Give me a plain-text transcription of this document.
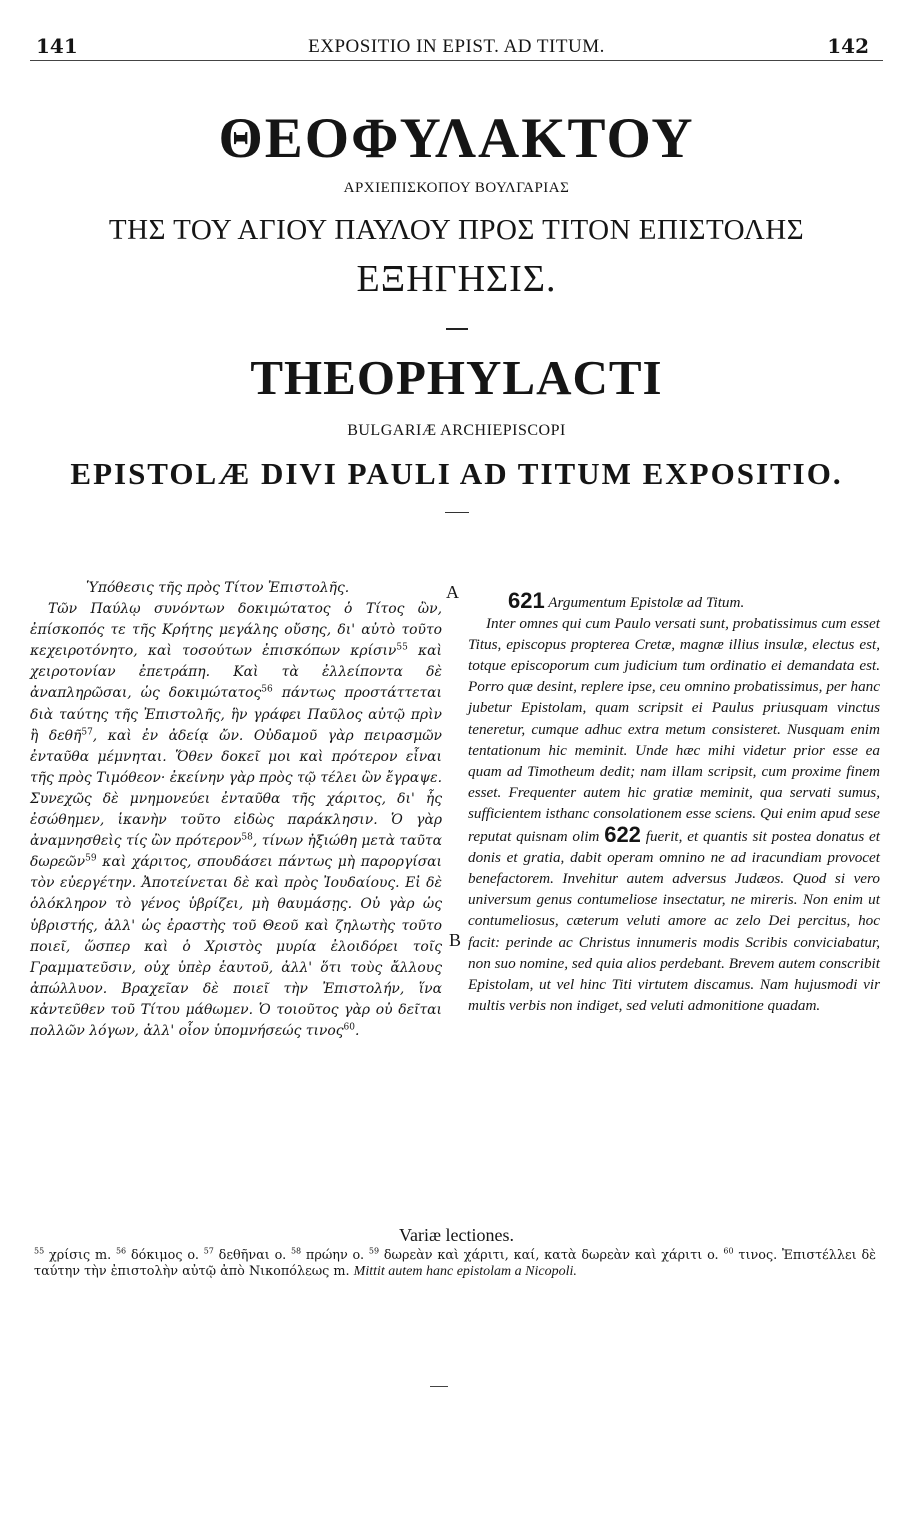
141	EXPOSITIO IN EPIST. AD TITUM.	142
ΘΕΟΦΥΛΑΚΤΟΥ
ΑΡΧΙΕΠΙΣΚΟΠΟΥ ΒΟΥΛΓΑΡΙΑΣ
ΤΗΣ ΤΟΥ ΑΓΙΟΥ ΠΑΥΛΟΥ ΠΡΟΣ ΤΙΤΟΝ ΕΠΙΣΤΟΛΗΣ
ΕΞΗΓΗΣΙΣ.
THEOPHYLACTI
BULGARIÆ ARCHIEPISCOPI
EPISTOLÆ DIVI PAULI AD TITUM EXPOSITIO.
A
B

Ὑπόθεσις τῆς πρὸς Τίτον Ἐπιστολῆς.

Τῶν Παύλῳ συνόντων δοκιμώτατος ὁ Τίτος ὢν, ἐπίσκοπός τε τῆς Κρήτης μεγάλης οὔσης, δι' αὐτὸ τοῦτο κεχειροτόνητο, καὶ τοσούτων ἐπισκόπων κρίσιν$^{55}$ καὶ χειροτονίαν ἐπετράπη. Καὶ τὰ ἐλλείποντα δὲ ἀναπληρῶσαι, ὡς δοκιμώτατος$^{56}$ πάντως προστάττεται διὰ ταύτης τῆς Ἐπιστολῆς, ἣν γράφει Παῦλος αὐτῷ πρὶν ἢ δεθῆ$^{57}$, καὶ ἐν ἀδείᾳ ὤν. Οὐδαμοῦ γὰρ πειρασμῶν ἐνταῦθα μέμνηται. Ὅθεν δοκεῖ μοι καὶ πρότερον εἶναι τῆς πρὸς Τιμόθεον· ἐκείνην γὰρ πρὸς τῷ τέλει ὢν ἔγραψε. Συνεχῶς δὲ μνημονεύει ἐνταῦθα τῆς χάριτος, δι' ἧς ἐσώθημεν, ἱκανὴν τοῦτο εἰδὼς παράκλησιν. Ὁ γὰρ ἀναμνησθεὶς τίς ὢν πρότερον$^{58}$, τίνων ἠξιώθη μετὰ ταῦτα δωρεῶν$^{59}$ καὶ χάριτος, σπουδάσει πάντως μὴ παροργίσαι τὸν εὐεργέτην. Ἀποτείνεται δὲ καὶ πρὸς Ἰουδαίους. Εἰ δὲ ὁλόκληρον τὸ γένος ὑβρίζει, μὴ θαυμάσῃς. Οὐ γὰρ ὡς ὑβριστής, ἀλλ' ὡς ἐραστὴς τοῦ Θεοῦ καὶ ζηλωτὴς τοῦτο ποιεῖ, ὥσπερ καὶ ὁ Χριστὸς μυρία ἐλοιδόρει τοῖς Γραμματεῦσιν, οὐχ ὑπὲρ ἑαυτοῦ, ἀλλ' ὅτι τοὺς ἄλλους ἀπώλλυον. Βραχεῖαν δὲ ποιεῖ τὴν Ἐπιστολήν, ἵνα κἀντεῦθεν τοῦ Τίτου μάθωμεν. Ὁ τοιοῦτος γὰρ οὐ δεῖται πολλῶν λόγων, ἀλλ' οἷον ὑπομνήσεώς τινος$^{60}$.

621 Argumentum Epistolæ ad Titum.

Inter omnes qui cum Paulo versati sunt, probatissimus cum esset Titus, episcopus propterea Cretæ, magnæ illius insulæ, electus est, totque episcoporum cum judicium tum ordinatio ei demandata est. Porro quæ desint, replere ipse, ceu omnino probatissimus, per hanc jubetur Epistolam, quam scripsit ei Paulus priusquam vinctus teneretur, cumque adhuc extra metum consisteret. Nusquam enim tentationum hic meminit. Unde hæc mihi videtur prior esse ea quam ad Timotheum dedit; nam illam scripsit, cum proxime finem esset. Frequenter autem hic gratiæ meminit, qua servati sumus, sufficientem isthanc consolationem esse sciens. Qui enim apud sese reputat quisnam olim 622 fuerit, et quantis sit postea donatus et donis et gratia, dabit operam omnino ne ad iracundiam provocet benefactorem. Invehitur autem adversus Judæos. Quod si vero universum genus contumeliose insectatur, ne mireris. Non enim ut contumeliosus, cæterum veluti amore ac zelo Dei percitus, hoc facit: perinde ac Christus innumeris modis Scribis conviciabatur, non suo nomine, sed quia alios perdebant. Brevem autem conscribit Epistolam, ut vel hinc Titi virtutem discamus. Nam hujusmodi vir multis verbis non indiget, sed veluti admonitione quadam.

Variæ lectiones.
$^{55}$ χρίσις m. $^{56}$ δόκιμος o. $^{57}$ δεθῆναι o. $^{58}$ πρώην o. $^{59}$ δωρεὰν καὶ χάριτι, καί, κατὰ δωρεὰν καὶ χάριτι o. $^{60}$ τινος. Ἐπιστέλλει δὲ ταύτην τὴν ἐπιστολὴν αὐτῷ ἀπὸ Νικοπόλεως m. Mittit autem hanc epistolam a Nicopoli.
